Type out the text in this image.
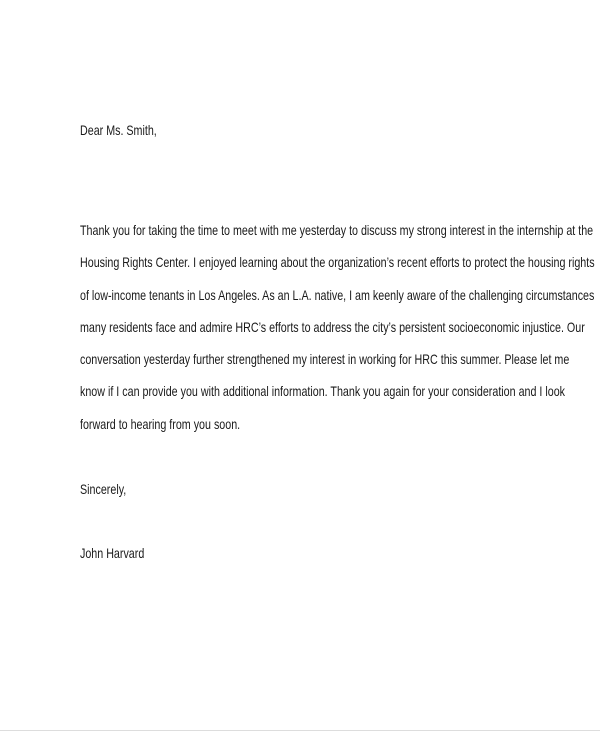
Dear Ms. Smith,
Thank you for taking the time to meet with me yesterday to discuss my strong interest in the internship at the
Housing Rights Center. I enjoyed learning about the organization’s recent efforts to protect the housing rights
of low-income tenants in Los Angeles. As an L.A. native, I am keenly aware of the challenging circumstances
many residents face and admire HRC’s efforts to address the city’s persistent socioeconomic injustice. Our
conversation yesterday further strengthened my interest in working for HRC this summer. Please let me
know if I can provide you with additional information. Thank you again for your consideration and I look
forward to hearing from you soon.
Sincerely,
John Harvard
